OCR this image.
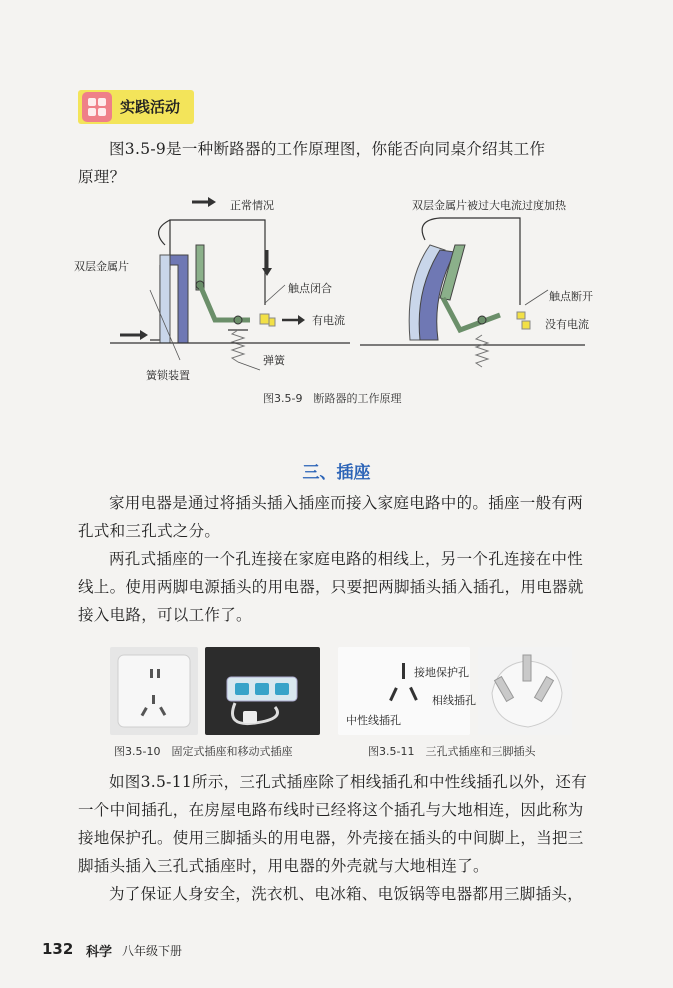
实践活动
图3.5-9是一种断路器的工作原理图，你能否向同桌介绍其工作
原理？
正常情况
双层金属片
触点闭合
有电流
弹簧
簧锁装置
双层金属片被过大电流过度加热
触点断开
没有电流
图3.5-9　断路器的工作原理
三、插座
家用电器是通过将插头插入插座而接入家庭电路中的。插座一般有两
孔式和三孔式之分。
两孔式插座的一个孔连接在家庭电路的相线上，另一个孔连接在中性
线上。使用两脚电源插头的用电器，只要把两脚插头插入插孔，用电器就
接入电路，可以工作了。
接地保护孔
相线插孔
中性线插孔
图3.5-10　固定式插座和移动式插座	图3.5-11　三孔式插座和三脚插头
如图3.5-11所示，三孔式插座除了相线插孔和中性线插孔以外，还有
一个中间插孔，在房屋电路布线时已经将这个插孔与大地相连，因此称为
接地保护孔。使用三脚插头的用电器，外壳接在插头的中间脚上，当把三
脚插头插入三孔式插座时，用电器的外壳就与大地相连了。
为了保证人身安全，洗衣机、电冰箱、电饭锅等电器都用三脚插头，
132 科学 八年级下册
